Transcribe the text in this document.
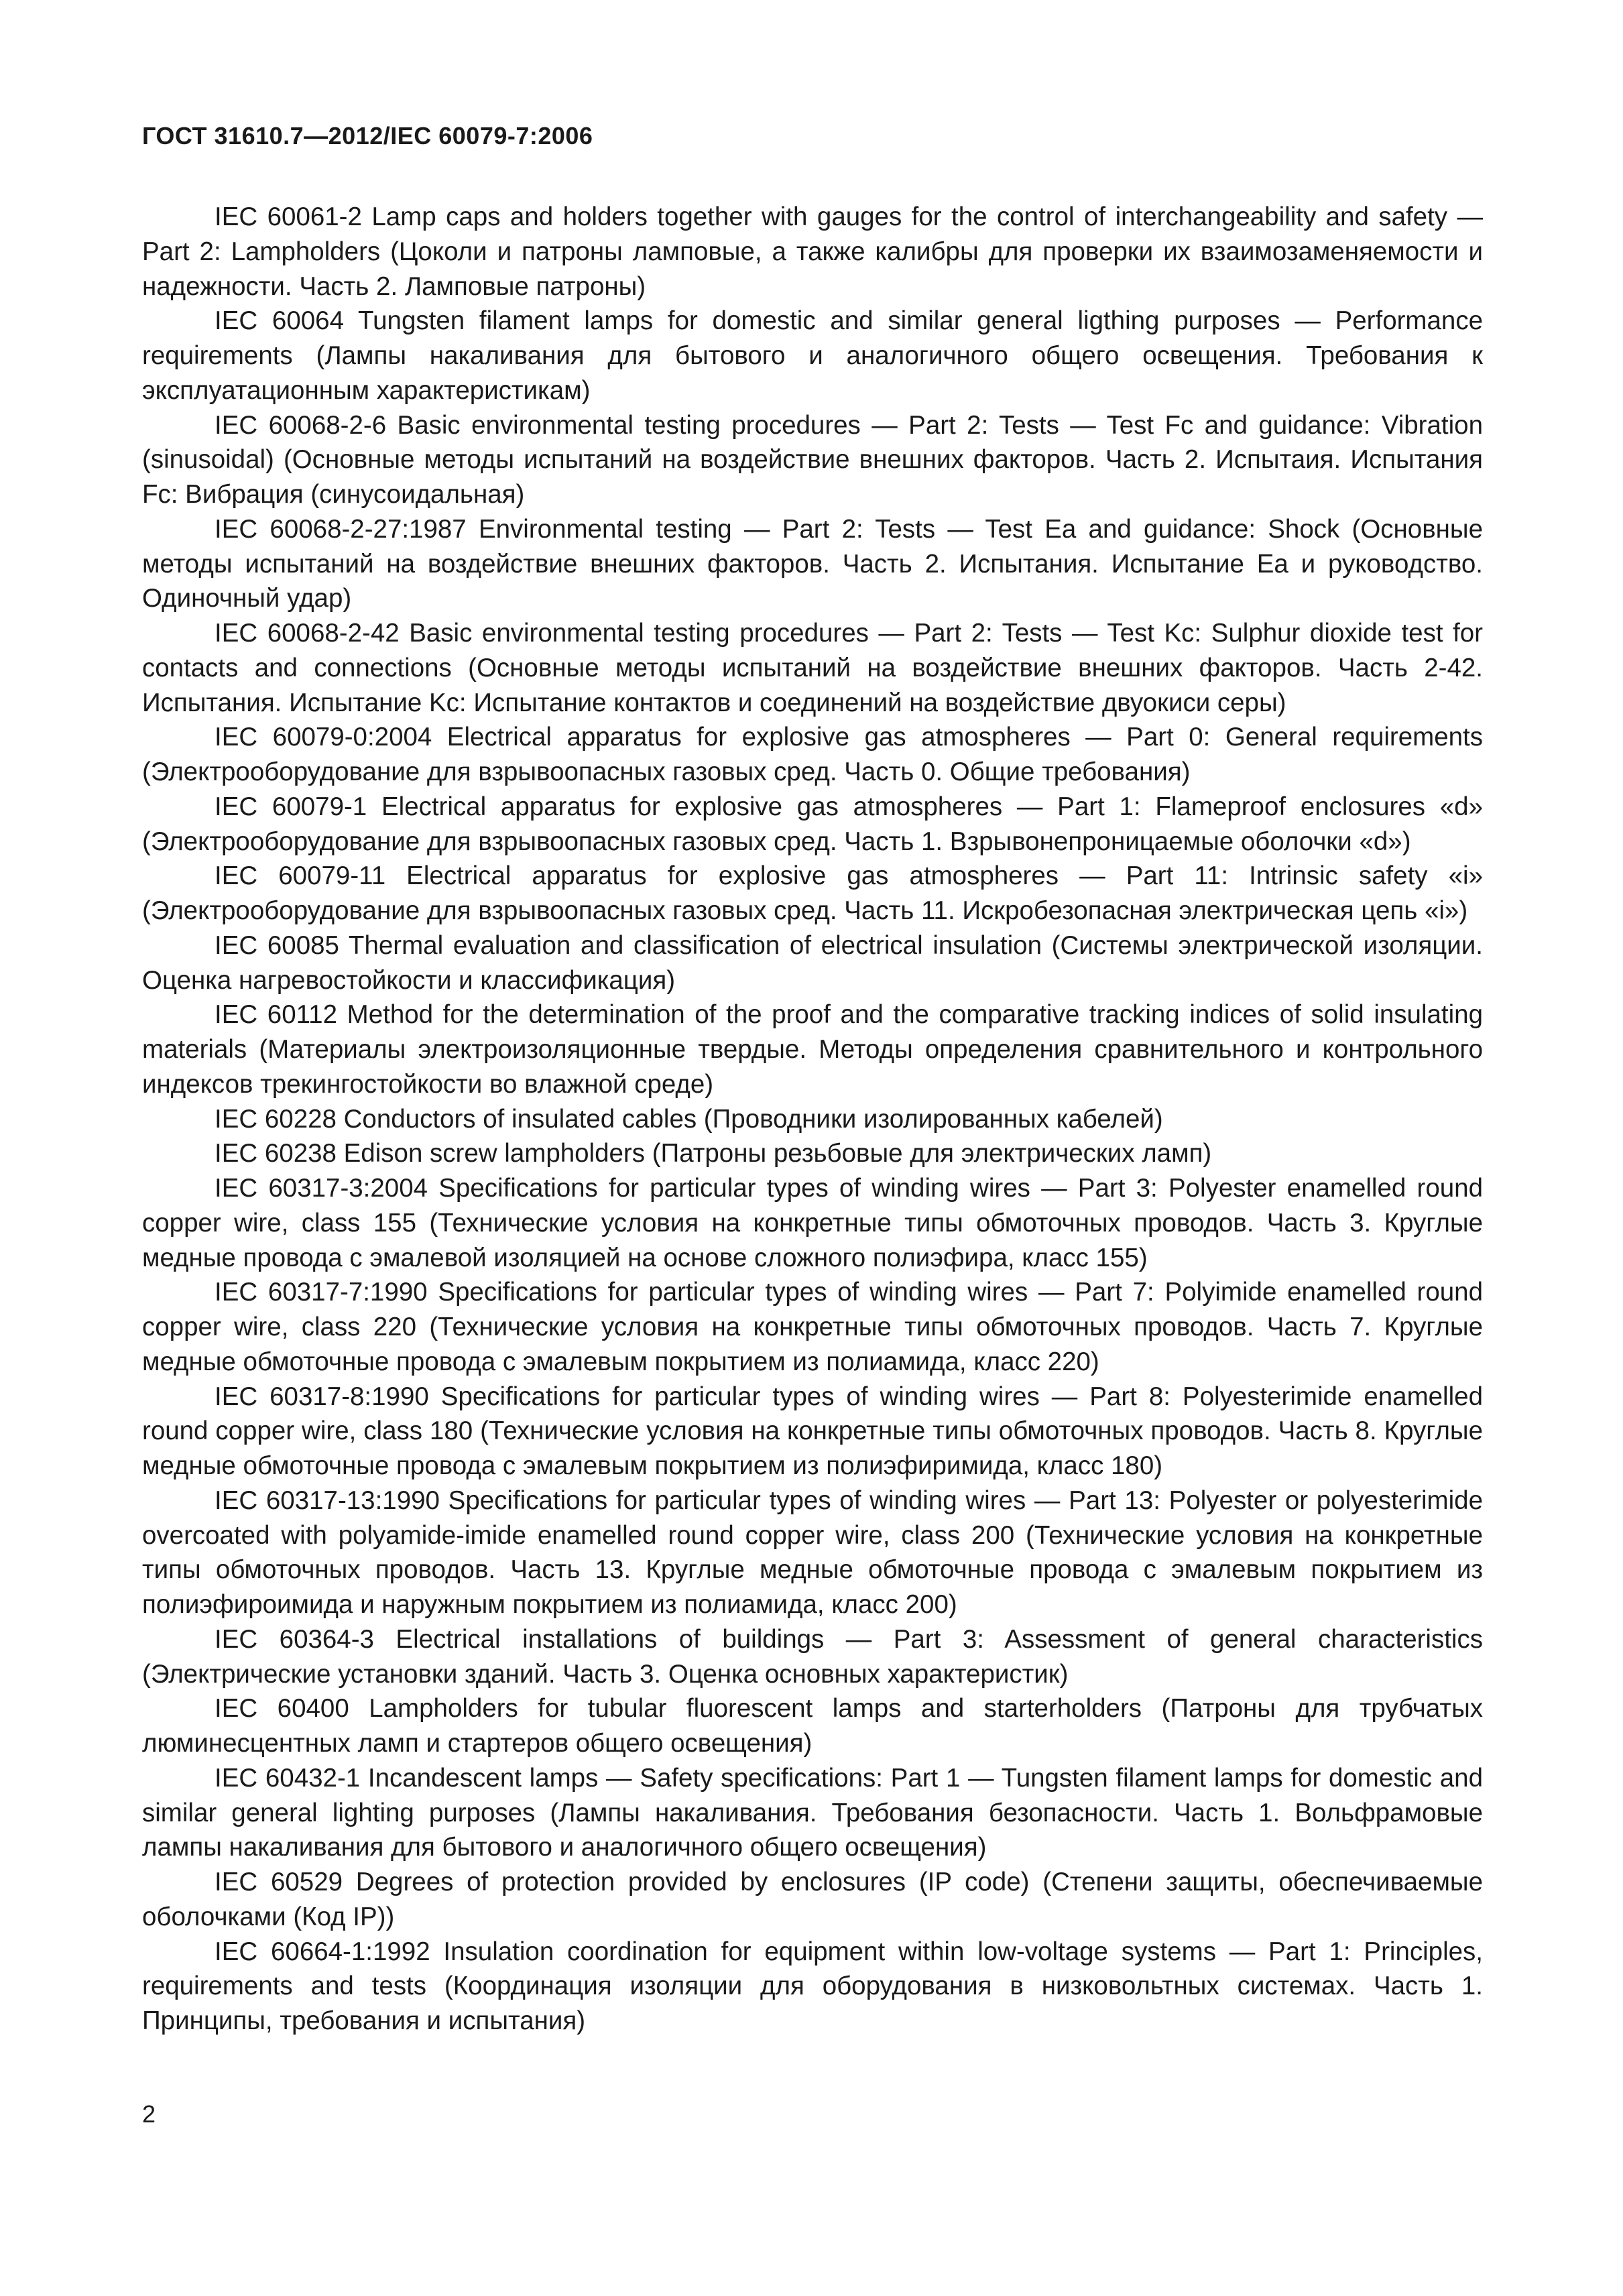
ГОСТ 31610.7—2012/IEC 60079-7:2006

IEC 60061-2 Lamp caps and holders together with gauges for the control of interchangeability and safety — Part 2: Lampholders (Цоколи и патроны ламповые, а также калибры для проверки их взаимозаменяемости и надежности. Часть 2. Ламповые патроны)

IEC 60064 Tungsten filament lamps for domestic and similar general ligthing purposes — Performance requirements (Лампы накаливания для бытового и аналогичного общего освещения. Требования к эксплуатационным характеристикам)

IEC 60068-2-6 Basic environmental testing procedures — Part 2: Tests — Test Fc and guidance: Vibration (sinusoidal) (Основные методы испытаний на воздействие внешних факторов. Часть 2. Испытаия. Испытания Fc: Вибрация (синусоидальная)

IEC 60068-2-27:1987 Environmental testing — Part 2: Tests — Test Ea and guidance: Shock (Основные методы испытаний на воздействие внешних факторов. Часть 2. Испытания. Испытание Ea и руководство. Одиночный удар)

IEC 60068-2-42 Basic environmental testing procedures — Part 2: Tests — Test Kc: Sulphur dioxide test for contacts and connections (Основные методы испытаний на воздействие внешних факторов. Часть 2-42. Испытания. Испытание Kc: Испытание контактов и соединений на воздействие двуокиси серы)

IEC 60079-0:2004 Electrical apparatus for explosive gas atmospheres — Part 0: General requirements (Электрооборудование для взрывоопасных газовых сред. Часть 0. Общие требования)

IEC 60079-1 Electrical apparatus for explosive gas atmospheres — Part 1: Flameproof enclosures «d» (Электрооборудование для взрывоопасных газовых сред. Часть 1. Взрывонепроницаемые оболочки «d»)

IEC 60079-11 Electrical apparatus for explosive gas atmospheres — Part 11: Intrinsic safety «i» (Электрооборудование для взрывоопасных газовых сред. Часть 11. Искробезопасная электрическая цепь «i»)

IEC 60085 Thermal evaluation and classification of electrical insulation (Системы электрической изоляции. Оценка нагревостойкости и классификация)

IEC 60112 Method for the determination of the proof and the comparative tracking indices of solid insulating materials (Материалы электроизоляционные твердые. Методы определения сравнительного и контрольного индексов трекингостойкости во влажной среде)

IEC 60228 Conductors of insulated cables (Проводники изолированных кабелей)

IEC 60238 Edison screw lampholders (Патроны резьбовые для электрических ламп)

IEC 60317-3:2004 Specifications for particular types of winding wires — Part 3: Polyester enamelled round copper wire, class 155 (Технические условия на конкретные типы обмоточных проводов. Часть 3. Круглые медные провода с эмалевой изоляцией на основе сложного полиэфира, класс 155)

IEC 60317-7:1990 Specifications for particular types of winding wires — Part 7: Polyimide enamelled round copper wire, class 220 (Технические условия на конкретные типы обмоточных проводов. Часть 7. Круглые медные обмоточные провода с эмалевым покрытием из полиамида, класс 220)

IEC 60317-8:1990 Specifications for particular types of winding wires — Part 8: Polyesterimide enamelled round copper wire, class 180 (Технические условия на конкретные типы обмоточных проводов. Часть 8. Круглые медные обмоточные провода с эмалевым покрытием из полиэфиримида, класс 180)

IEC 60317-13:1990 Specifications for particular types of winding wires — Part 13: Polyester or polyesterimide overcoated with polyamide-imide enamelled round copper wire, class 200 (Технические условия на конкретные типы обмоточных проводов. Часть 13. Круглые медные обмоточные провода с эмалевым покрытием из полиэфироимида и наружным покрытием из полиамида, класс 200)

IEC 60364-3 Electrical installations of buildings — Part 3: Assessment of general characteristics (Электрические установки зданий. Часть 3. Оценка основных характеристик)

IEC 60400 Lampholders for tubular fluorescent lamps and starterholders (Патроны для трубчатых люминесцентных ламп и стартеров общего освещения)

IEC 60432-1 Incandescent lamps — Safety specifications: Part 1 — Tungsten filament lamps for domestic and similar general lighting purposes (Лампы накаливания. Требования безопасности. Часть 1. Вольфрамовые лампы накаливания для бытового и аналогичного общего освещения)

IEC 60529 Degrees of protection provided by enclosures (IP code) (Степени защиты, обеспечиваемые оболочками (Код IP))

IEC 60664-1:1992 Insulation coordination for equipment within low-voltage systems — Part 1: Principles, requirements and tests (Координация изоляции для оборудования в низковольтных системах. Часть 1. Принципы, требования и испытания)

2
